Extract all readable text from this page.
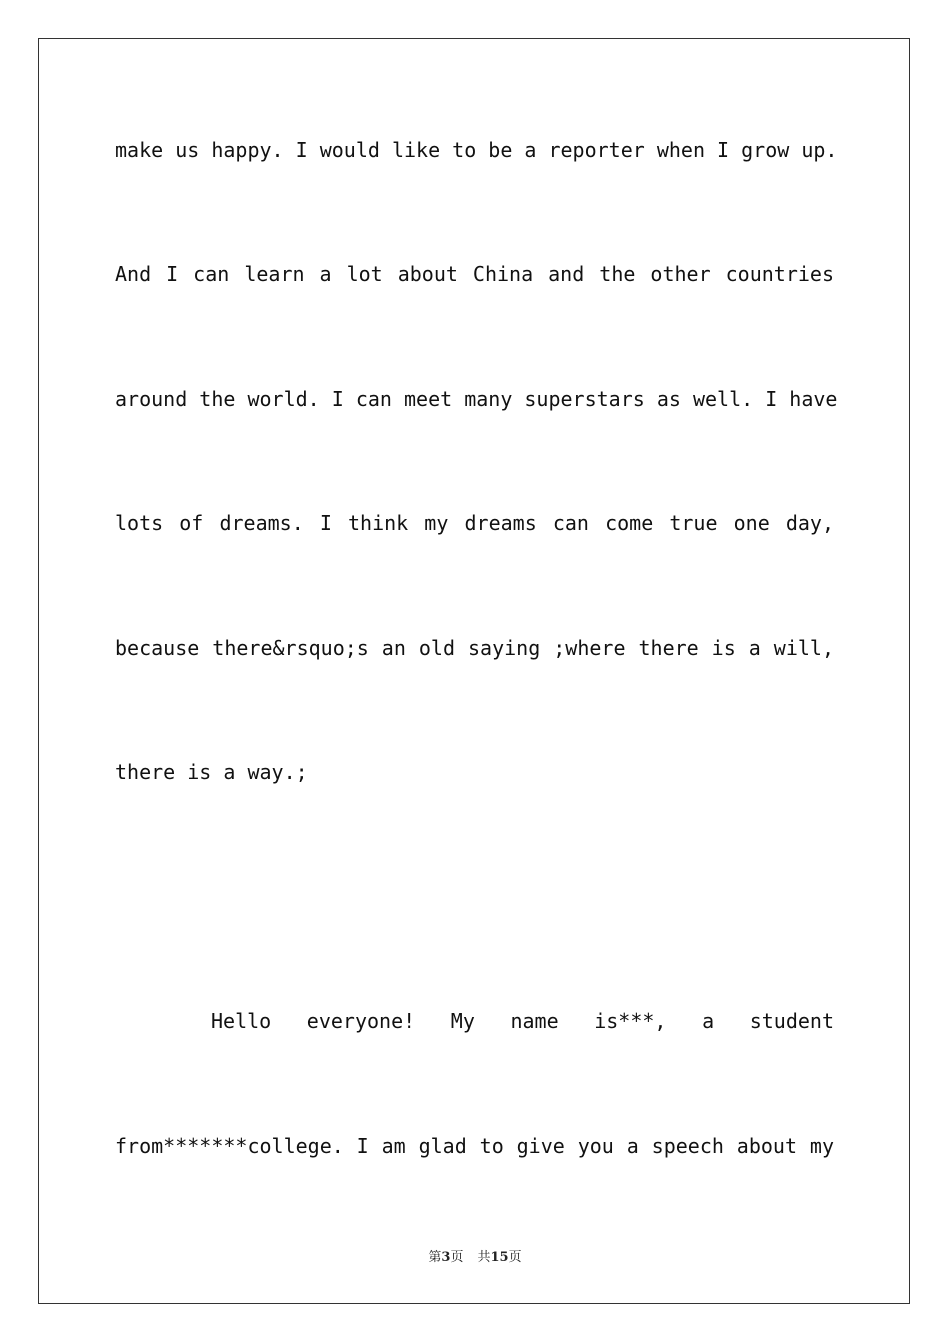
make us happy. I would like to be a reporter when I grow up.
And I can learn a lot about China and the other countries
around the world. I can meet many superstars as well. I have
lots of dreams. I think my dreams can come true one day,
because there&rsquo;s an old saying ;where there is a will,
there is a way.;
Hello everyone! My name is***, a student
from*******college. I am glad to give you a speech about my
第3页 共15页
